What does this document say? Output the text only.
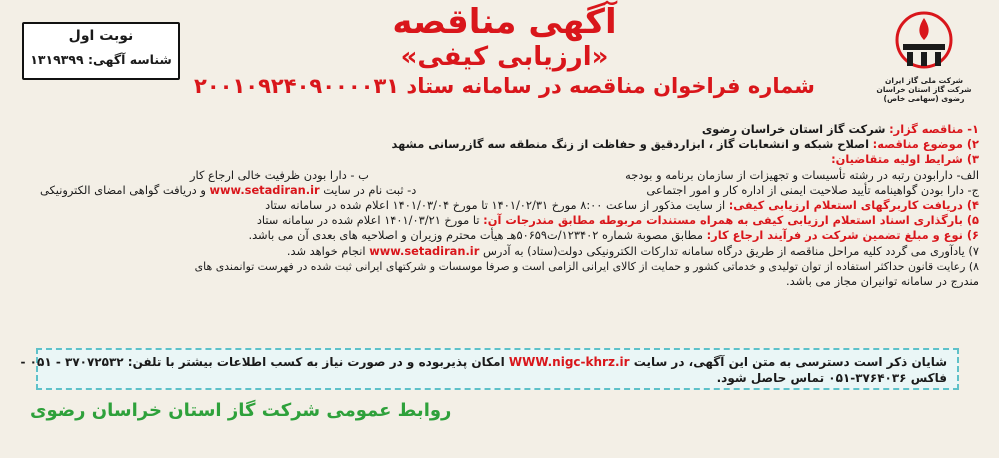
شرکت ملی گاز ایران
شرکت گاز استان خراسان رضوی (سهامی خاص)
آگهی مناقصه
«ارزیابی کیفی»
شماره فراخوان مناقصه در سامانه ستاد ۲۰۰۱۰۹۲۴۰۹۰۰۰۰۳۱
نوبت اول
شناسه آگهی: ۱۳۱۹۳۹۹
۱- مناقصه گزار: شرکت گاز استان خراسان رضوی
۲) موضوع مناقصه: اصلاح شبکه و انشعابات گاز ، ابزاردقیق و حفاظت از زنگ منطقه سه گازرسانی مشهد
۳) شرایط اولیه متقاضیان:
الف- دارابودن رتبه در رشته تأسیسات و تجهیزات از سازمان برنامه و بودجه
ب - دارا بودن ظرفیت خالی ارجاع کار
ج- دارا بودن گواهینامه تأیید صلاحیت ایمنی از اداره کار و امور اجتماعی
د- ثبت نام در سایت www.setadiran.ir و دریافت گواهی امضای الکترونیکی
۴) دریافت کاربرگهای استعلام ارزیابی کیفی: از سایت مذکور از ساعت ۸:۰۰ مورخ ۱۴۰۱/۰۲/۳۱ تا مورخ ۱۴۰۱/۰۳/۰۴ اعلام شده در سامانه ستاد
۵) بارگذاری اسناد استعلام ارزیابی کیفی به همراه مستندات مربوطه مطابق مندرجات آن: تا مورخ ۱۴۰۱/۰۳/۲۱ اعلام شده در سامانه ستاد
۶) نوع و مبلغ تضمین شرکت در فرآیند ارجاع کار: مطابق مصوبة شماره ۱۲۳۴۰۲/ت۵۰۶۵۹هـ هیأت محترم وزیران و اصلاحیه های بعدی آن می باشد.
۷) یادآوری می گردد کلیه مراحل مناقصه از طریق درگاه سامانه تدارکات الکترونیکی دولت(ستاد) به آدرس www.setadiran.ir انجام خواهد شد.
۸) رعایت قانون حداکثر استفاده از توان تولیدی و خدماتی کشور و حمایت از کالای ایرانی الزامی است و صرفا موسسات و شرکتهای ایرانی ثبت شده در فهرست توانمندی های
مندرج در سامانه توانیران مجاز می باشد.
شایان ذکر است دسترسی به متن این آگهی، در سایت WWW.nigc-khrz.ir امکان پذیربوده و در صورت نیاز به کسب اطلاعات بیشتر با تلفن: ۳۷۰۷۲۵۳۲ - ۰۵۱ -
فاکس ۳۷۶۴۰۳۶-۰۵۱ تماس حاصل شود.
روابط عمومی شرکت گاز استان خراسان رضوی
